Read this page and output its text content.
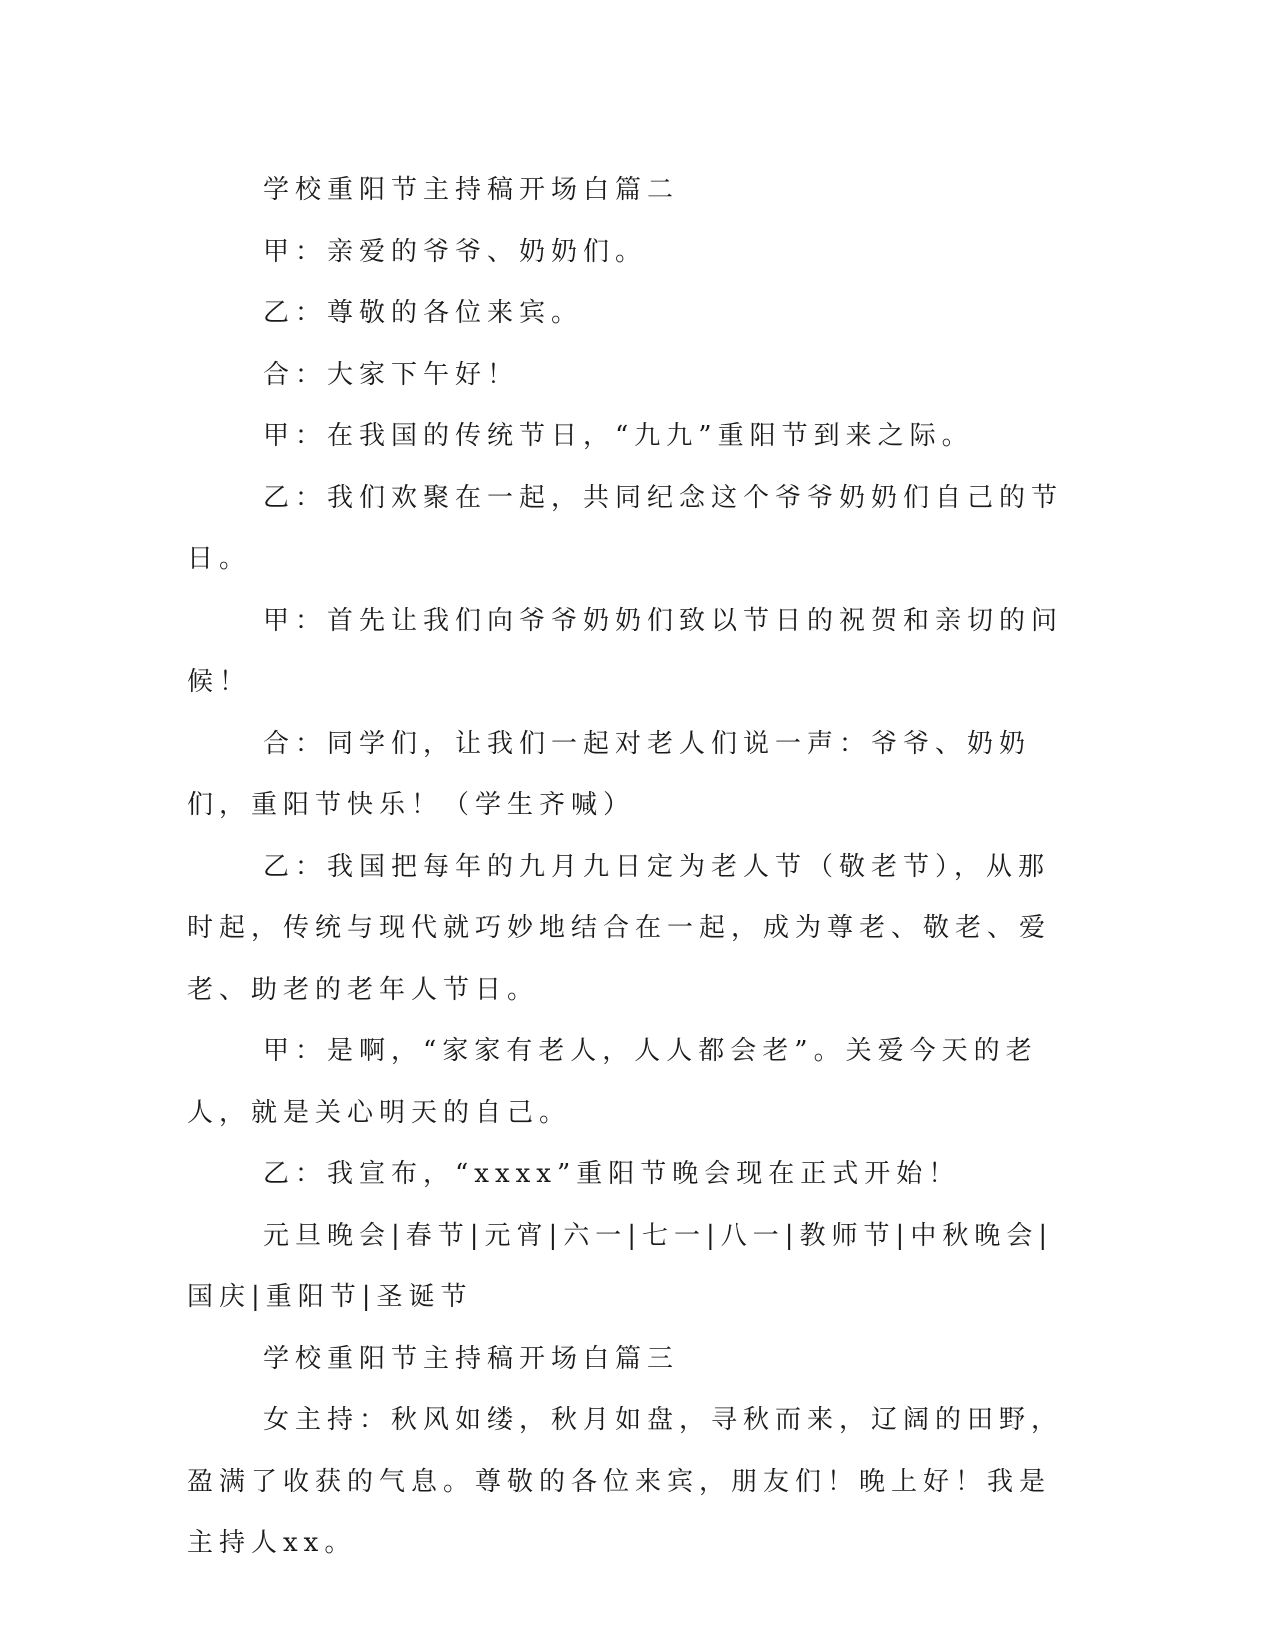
学校重阳节主持稿开场白篇二

甲：亲爱的爷爷、奶奶们。

乙：尊敬的各位来宾。

合：大家下午好！

甲：在我国的传统节日，“九九”重阳节到来之际。

乙：我们欢聚在一起，共同纪念这个爷爷奶奶们自己的节日。

甲：首先让我们向爷爷奶奶们致以节日的祝贺和亲切的问候！

合：同学们，让我们一起对老人们说一声：爷爷、奶奶们，重阳节快乐！（学生齐喊）

乙：我国把每年的九月九日定为老人节（敬老节），从那时起，传统与现代就巧妙地结合在一起，成为尊老、敬老、爱老、助老的老年人节日。

甲：是啊，“家家有老人，人人都会老”。关爱今天的老人，就是关心明天的自己。

乙：我宣布，“xxxx”重阳节晚会现在正式开始！

元旦晚会|春节|元宵|六一|七一|八一|教师节|中秋晚会|国庆|重阳节|圣诞节

学校重阳节主持稿开场白篇三

女主持：秋风如缕，秋月如盘，寻秋而来，辽阔的田野，盈满了收获的气息。尊敬的各位来宾，朋友们！晚上好！我是主持人xx。
